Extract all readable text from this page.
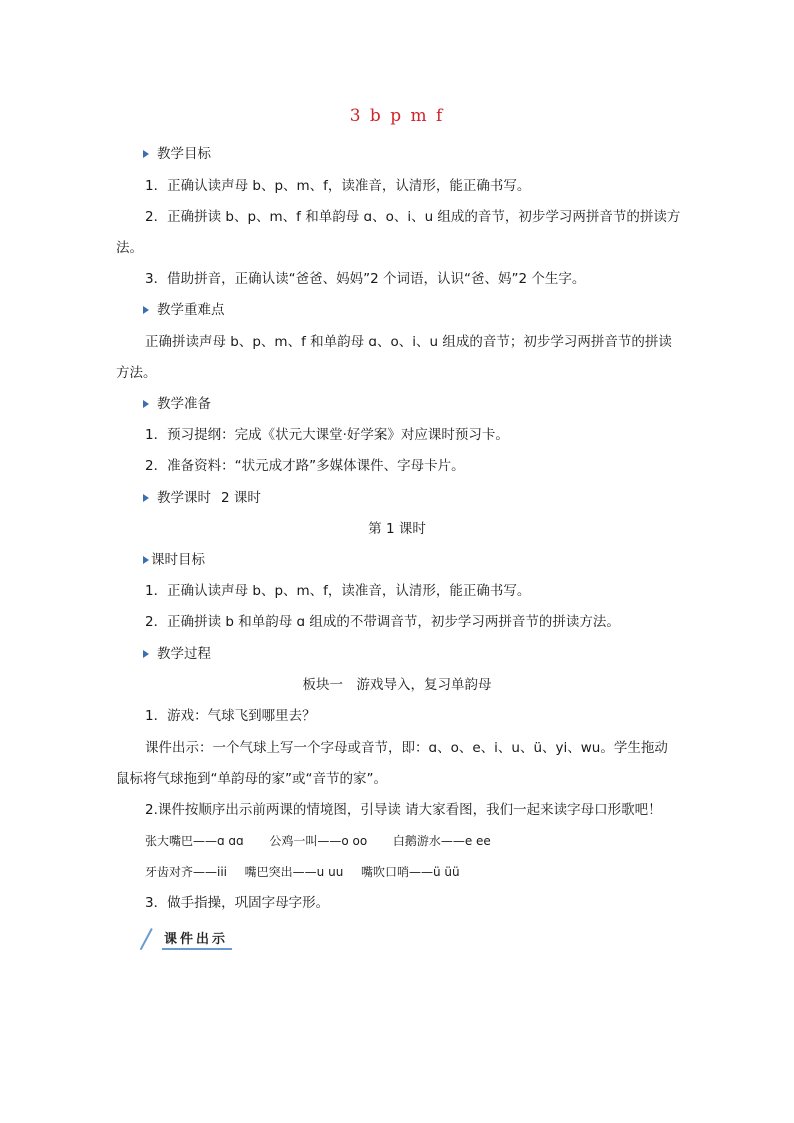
3 b p m f
教学目标
1．正确认读声母 b、p、m、f，读准音，认清形，能正确书写。
2．正确拼读 b、p、m、f 和单韵母 ɑ、o、i、u 组成的音节，初步学习两拼音节的拼读方
法。
3．借助拼音，正确认读“爸爸、妈妈”2 个词语，认识“爸、妈”2 个生字。
教学重难点
正确拼读声母 b、p、m、f 和单韵母 ɑ、o、i、u 组成的音节；初步学习两拼音节的拼读
方法。
教学准备
1．预习提纲：完成《状元大课堂·好学案》对应课时预习卡。
2．准备资料：“状元成才路”多媒体课件、字母卡片。
教学课时 2 课时
第 1 课时
课时目标
1．正确认读声母 b、p、m、f，读准音，认清形，能正确书写。
2．正确拼读 b 和单韵母 ɑ 组成的不带调音节，初步学习两拼音节的拼读方法。
教学过程
板块一　游戏导入，复习单韵母
1．游戏：气球飞到哪里去？
课件出示：一个气球上写一个字母或音节，即：ɑ、o、e、i、u、ü、yi、wu。学生拖动
鼠标将气球拖到“单韵母的家”或“音节的家”。
2.课件按顺序出示前两课的情境图，引导读 请大家看图，我们一起来读字母口形歌吧！
张大嘴巴——ɑ ɑɑ 公鸡一叫——o oo 白鹅游水——e ee
牙齿对齐——iii 嘴巴突出——u uu 嘴吹口哨——ü üü
3．做手指操，巩固字母字形。
课件出示
